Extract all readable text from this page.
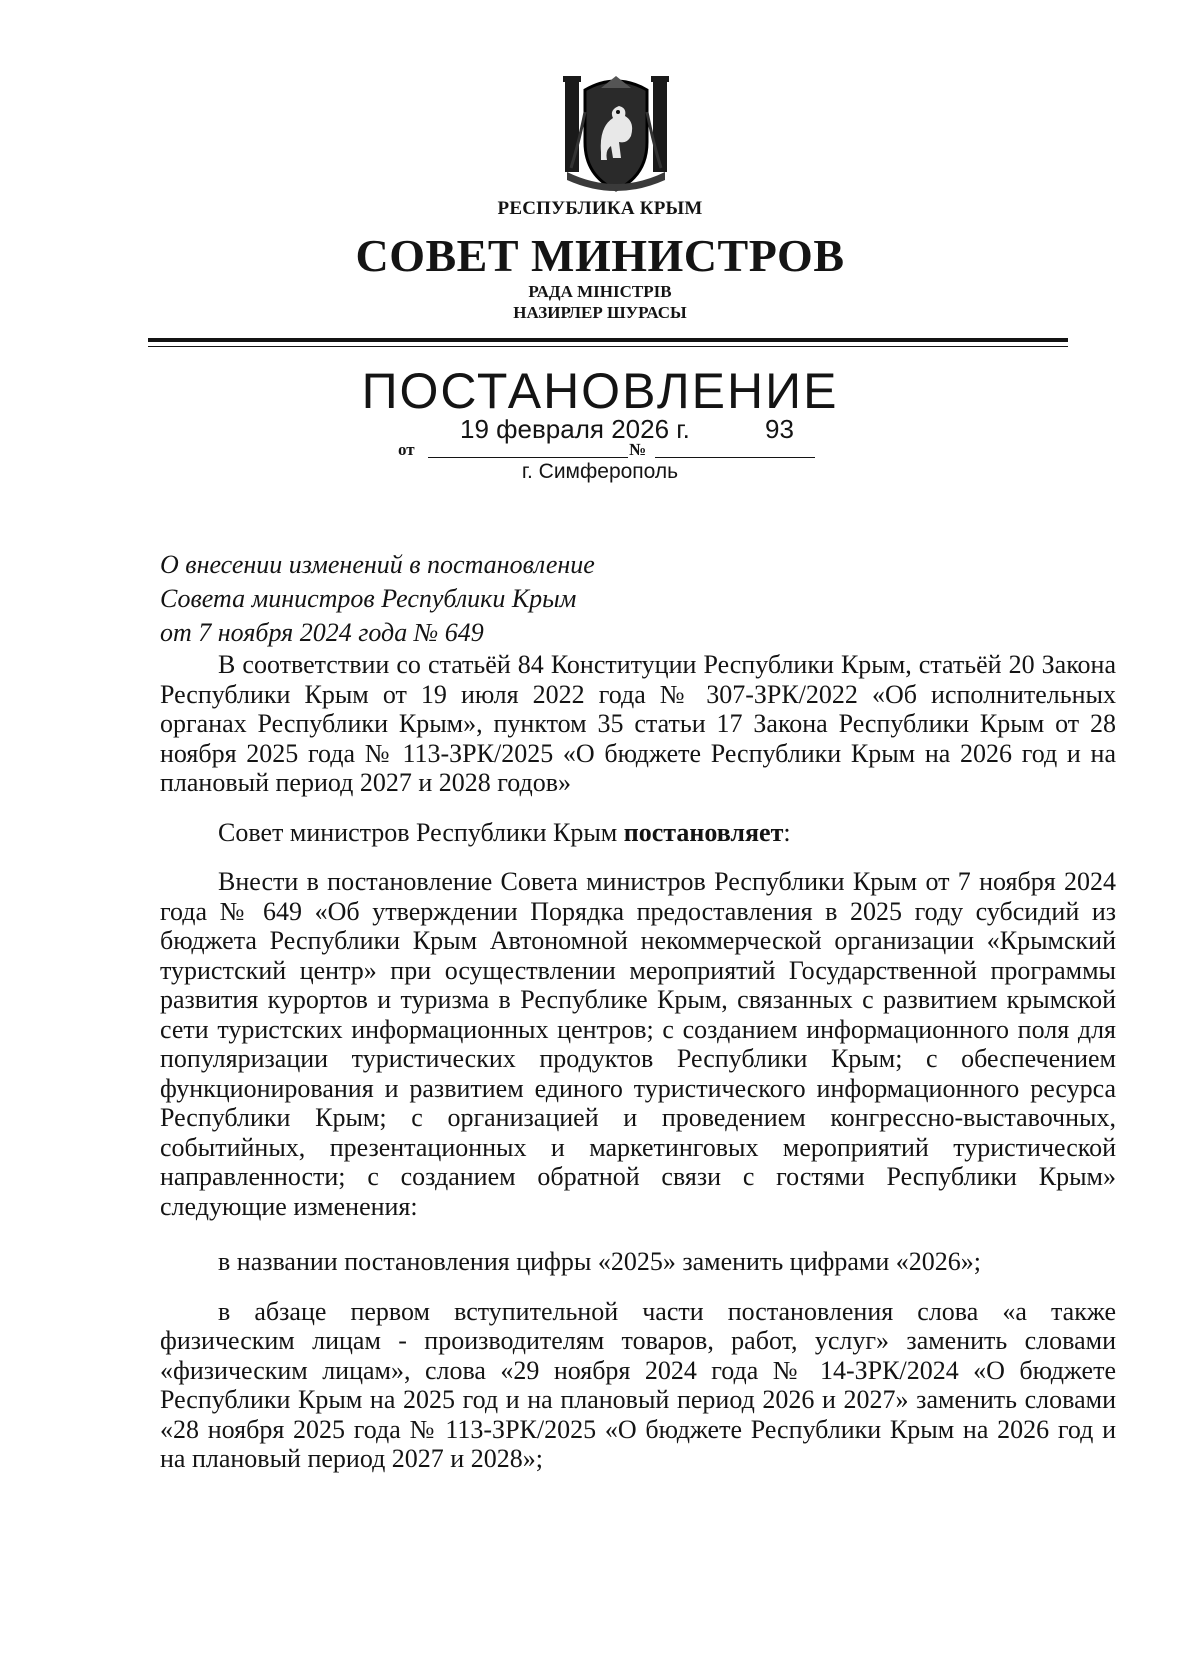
РЕСПУБЛИКА КРЫМ
СОВЕТ МИНИСТРОВ
РАДА МІНІСТРІВ
НАЗИРЛЕР ШУРАСЫ
ПОСТАНОВЛЕНИЕ
от
19 февраля 2026 г.
№
93
г. Симферополь
О внесении изменений в постановление
Совета министров Республики Крым
от 7 ноября 2024 года № 649

В соответствии со статьёй 84 Конституции Республики Крым, статьёй 20 Закона Республики Крым от 19 июля 2022 года № 307-ЗРК/2022 «Об исполнительных органах Республики Крым», пунктом 35 статьи 17 Закона Республики Крым от 28 ноября 2025 года № 113-ЗРК/2025 «О бюджете Республики Крым на 2026 год и на плановый период 2027 и 2028 годов»

Совет министров Республики Крым постановляет:

Внести в постановление Совета министров Республики Крым от 7 ноября 2024 года № 649 «Об утверждении Порядка предоставления в 2025 году субсидий из бюджета Республики Крым Автономной некоммерческой организации «Крымский туристский центр» при осуществлении мероприятий Государственной программы развития курортов и туризма в Республике Крым, связанных с развитием крымской сети туристских информационных центров; с созданием информационного поля для популяризации туристических продуктов Республики Крым; с обеспечением функционирования и развитием единого туристического информационного ресурса Республики Крым; с организацией и проведением конгрессно-выставочных, событийных, презентационных и маркетинговых мероприятий туристической направленности; с созданием обратной связи с гостями Республики Крым» следующие изменения:

в названии постановления цифры «2025» заменить цифрами «2026»;

в абзаце первом вступительной части постановления слова «а также физическим лицам - производителям товаров, работ, услуг» заменить словами «физическим лицам», слова «29 ноября 2024 года № 14-ЗРК/2024 «О бюджете Республики Крым на 2025 год и на плановый период 2026 и 2027» заменить словами «28 ноября 2025 года № 113-ЗРК/2025 «О бюджете Республики Крым на 2026 год и на плановый период 2027 и 2028»;
